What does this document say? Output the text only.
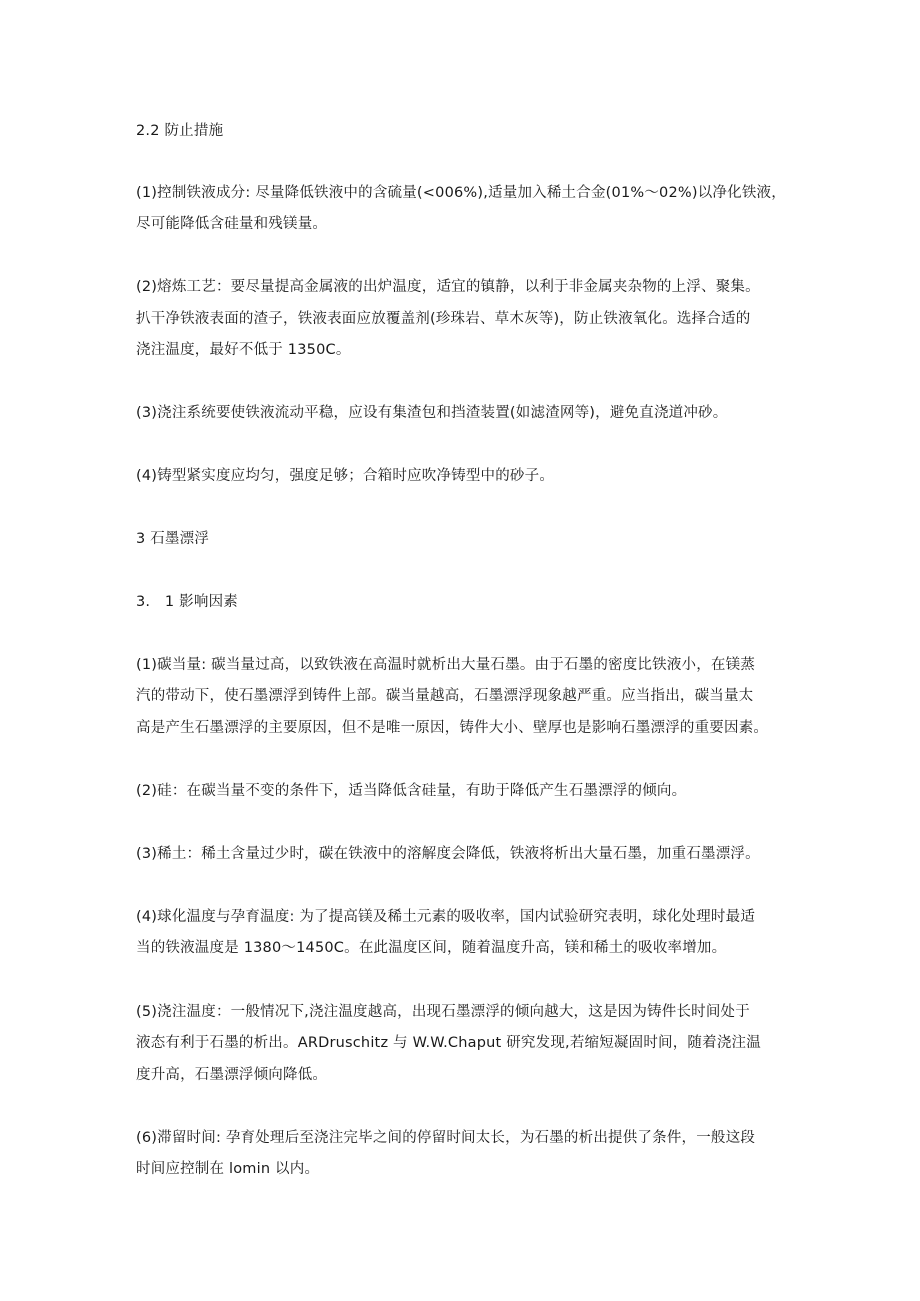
2.2 防止措施

(1)控制铁液成分: 尽量降低铁液中的含硫量(<006%),适量加入稀土合金(01%～02%)以净化铁液，

尽可能降低含硅量和残镁量。

(2)熔炼工艺：要尽量提高金属液的出炉温度，适宜的镇静，以利于非金属夹杂物的上浮、聚集。

扒干净铁液表面的渣子，铁液表面应放覆盖剂(珍珠岩、草木灰等)，防止铁液氧化。选择合适的

浇注温度，最好不低于 1350C。

(3)浇注系统要使铁液流动平稳，应设有集渣包和挡渣装置(如滤渣网等)，避免直浇道冲砂。

(4)铸型紧实度应均匀，强度足够；合箱时应吹净铸型中的砂子。

3 石墨漂浮

3.　1 影响因素

(1)碳当量: 碳当量过高，以致铁液在高温时就析出大量石墨。由于石墨的密度比铁液小，在镁蒸

汽的带动下，使石墨漂浮到铸件上部。碳当量越高，石墨漂浮现象越严重。应当指出，碳当量太

高是产生石墨漂浮的主要原因，但不是唯一原因，铸件大小、壁厚也是影响石墨漂浮的重要因素。

(2)硅：在碳当量不变的条件下，适当降低含硅量，有助于降低产生石墨漂浮的倾向。

(3)稀土：稀土含量过少时，碳在铁液中的溶解度会降低，铁液将析出大量石墨，加重石墨漂浮。

(4)球化温度与孕育温度: 为了提高镁及稀土元素的吸收率，国内试验研究表明，球化处理时最适

当的铁液温度是 1380～1450C。在此温度区间，随着温度升高，镁和稀土的吸收率增加。

(5)浇注温度：一般情况下,浇注温度越高，出现石墨漂浮的倾向越大，这是因为铸件长时间处于

液态有利于石墨的析出。ARDruschitz 与 W.W.Chaput 研究发现,若缩短凝固时间，随着浇注温

度升高，石墨漂浮倾向降低。

(6)滞留时间: 孕育处理后至浇注完毕之间的停留时间太长，为石墨的析出提供了条件，一般这段

时间应控制在 lomin 以内。
